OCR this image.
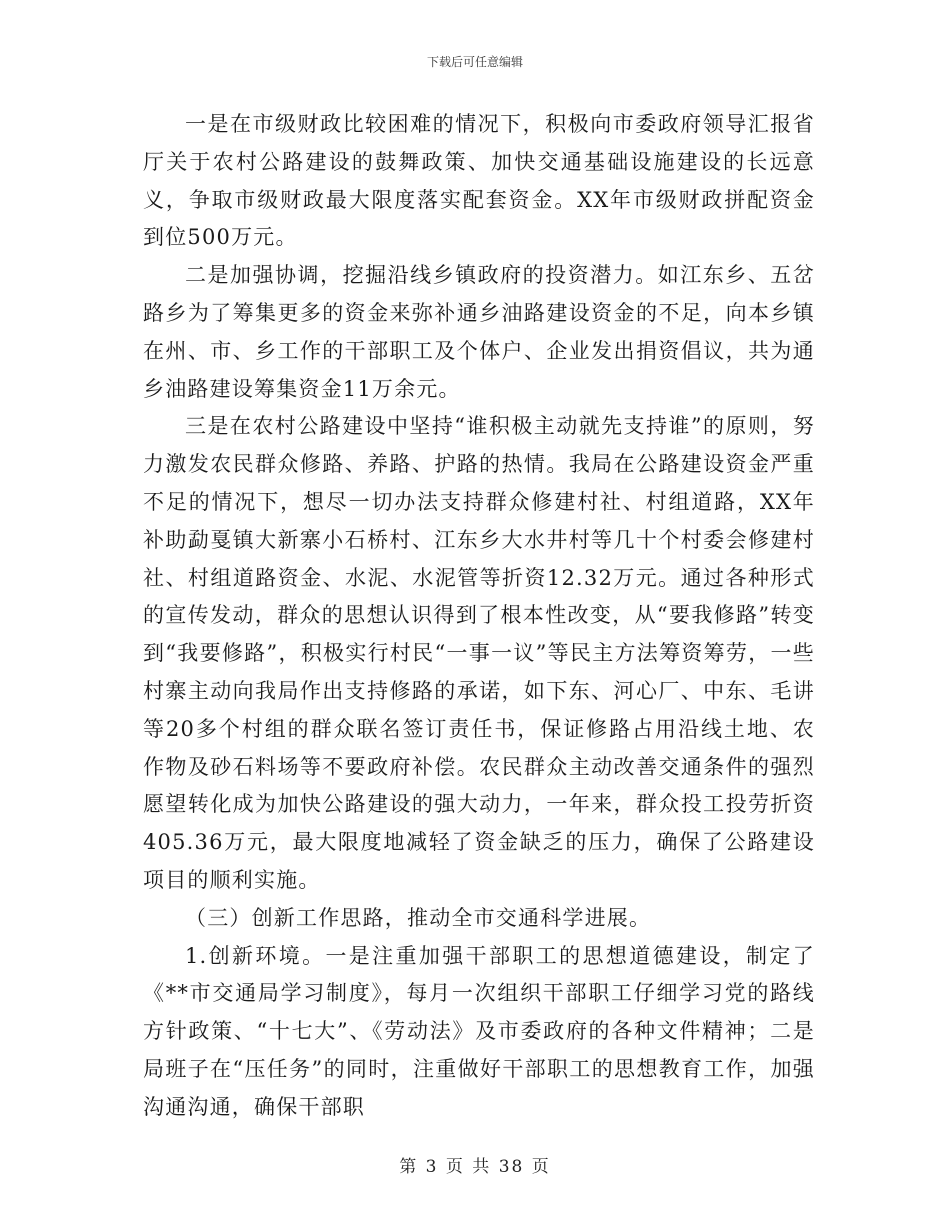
下载后可任意编辑

一是在市级财政比较困难的情况下，积极向市委政府领导汇报省厅关于农村公路建设的鼓舞政策、加快交通基础设施建设的长远意义，争取市级财政最大限度落实配套资金。XX年市级财政拼配资金到位500万元。

二是加强协调，挖掘沿线乡镇政府的投资潜力。如江东乡、五岔路乡为了筹集更多的资金来弥补通乡油路建设资金的不足，向本乡镇在州、市、乡工作的干部职工及个体户、企业发出捐资倡议，共为通乡油路建设筹集资金11万余元。

三是在农村公路建设中坚持“谁积极主动就先支持谁”的原则，努力激发农民群众修路、养路、护路的热情。我局在公路建设资金严重不足的情况下，想尽一切办法支持群众修建村社、村组道路，XX年补助勐戛镇大新寨小石桥村、江东乡大水井村等几十个村委会修建村社、村组道路资金、水泥、水泥管等折资12.32万元。通过各种形式的宣传发动，群众的思想认识得到了根本性改变，从“要我修路”转变到“我要修路”，积极实行村民“一事一议”等民主方法筹资筹劳，一些村寨主动向我局作出支持修路的承诺，如下东、河心厂、中东、毛讲等20多个村组的群众联名签订责任书，保证修路占用沿线土地、农作物及砂石料场等不要政府补偿。农民群众主动改善交通条件的强烈愿望转化成为加快公路建设的强大动力，一年来，群众投工投劳折资405.36万元，最大限度地减轻了资金缺乏的压力，确保了公路建设项目的顺利实施。

（三）创新工作思路，推动全市交通科学进展。

1.创新环境。一是注重加强干部职工的思想道德建设，制定了《**市交通局学习制度》，每月一次组织干部职工仔细学习党的路线方针政策、“十七大”、《劳动法》及市委政府的各种文件精神；二是局班子在“压任务”的同时，注重做好干部职工的思想教育工作，加强沟通沟通，确保干部职

第 3 页 共 38 页
